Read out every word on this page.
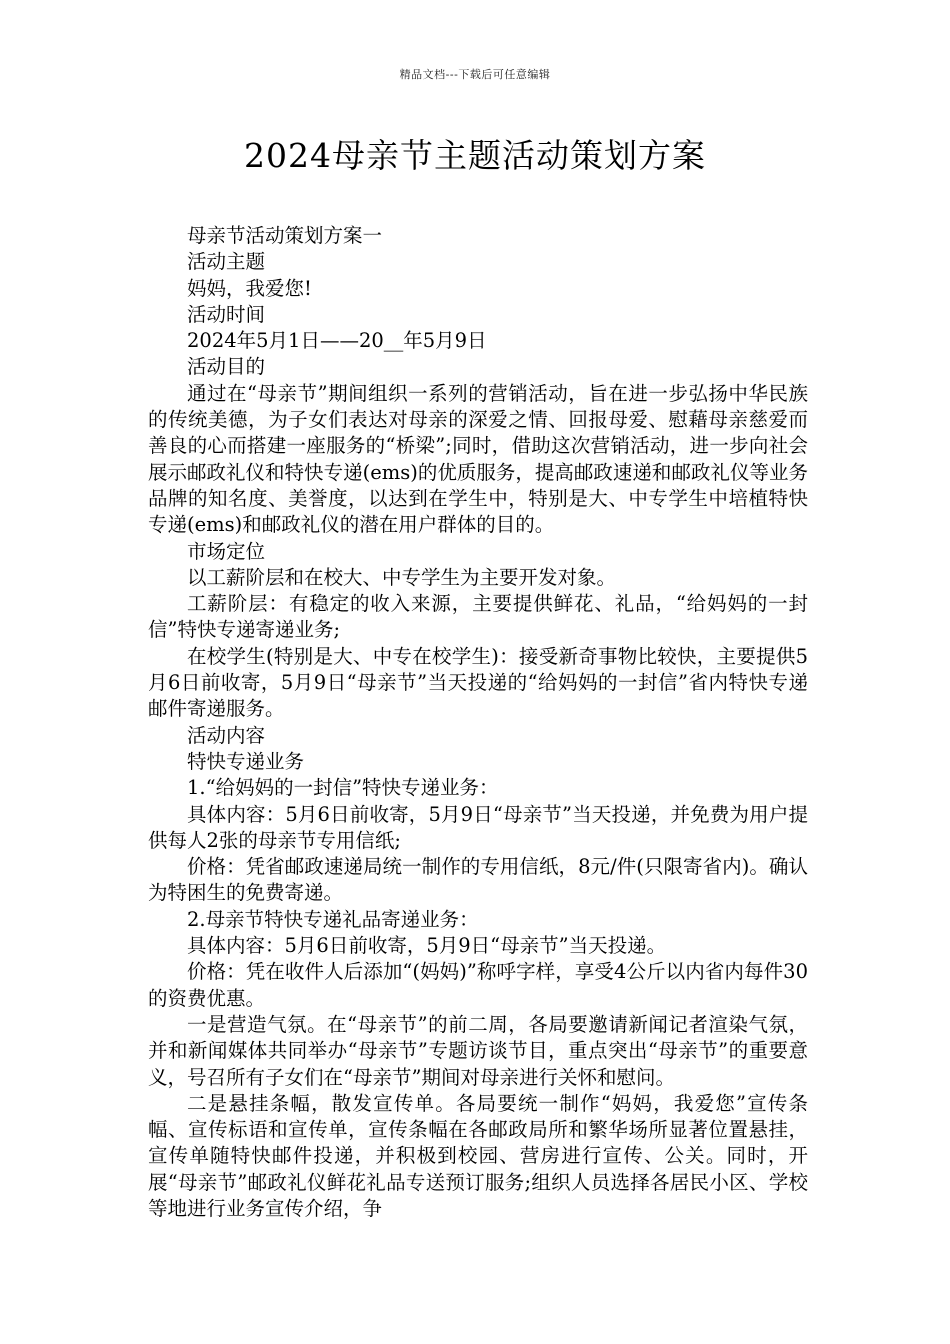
精品文档---下载后可任意编辑
2024母亲节主题活动策划方案

母亲节活动策划方案一

活动主题

妈妈，我爱您!

活动时间

2024年5月1日——20__年5月9日

活动目的

通过在“母亲节”期间组织一系列的营销活动，旨在进一步弘扬中华民族的传统美德，为子女们表达对母亲的深爱之情、回报母爱、慰藉母亲慈爱而善良的心而搭建一座服务的“桥梁”;同时，借助这次营销活动，进一步向社会展示邮政礼仪和特快专递(ems)的优质服务，提高邮政速递和邮政礼仪等业务品牌的知名度、美誉度，以达到在学生中，特别是大、中专学生中培植特快专递(ems)和邮政礼仪的潜在用户群体的目的。

市场定位

以工薪阶层和在校大、中专学生为主要开发对象。

工薪阶层：有稳定的收入来源，主要提供鲜花、礼品，“给妈妈的一封信”特快专递寄递业务;

在校学生(特别是大、中专在校学生)：接受新奇事物比较快，主要提供5月6日前收寄，5月9日“母亲节”当天投递的“给妈妈的一封信”省内特快专递邮件寄递服务。

活动内容

特快专递业务

1.“给妈妈的一封信”特快专递业务：

具体内容：5月6日前收寄，5月9日“母亲节”当天投递，并免费为用户提供每人2张的母亲节专用信纸;

价格：凭省邮政速递局统一制作的专用信纸，8元/件(只限寄省内)。确认为特困生的免费寄递。

2.母亲节特快专递礼品寄递业务：

具体内容：5月6日前收寄，5月9日“母亲节”当天投递。

价格：凭在收件人后添加“(妈妈)”称呼字样，享受4公斤以内省内每件30的资费优惠。

一是营造气氛。在“母亲节”的前二周，各局要邀请新闻记者渲染气氛，并和新闻媒体共同举办“母亲节”专题访谈节目，重点突出“母亲节”的重要意义，号召所有子女们在“母亲节”期间对母亲进行关怀和慰问。

二是悬挂条幅，散发宣传单。各局要统一制作“妈妈，我爱您”宣传条幅、宣传标语和宣传单，宣传条幅在各邮政局所和繁华场所显著位置悬挂，宣传单随特快邮件投递，并积极到校园、营房进行宣传、公关。同时，开展“母亲节”邮政礼仪鲜花礼品专送预订服务;组织人员选择各居民小区、学校等地进行业务宣传介绍，争
